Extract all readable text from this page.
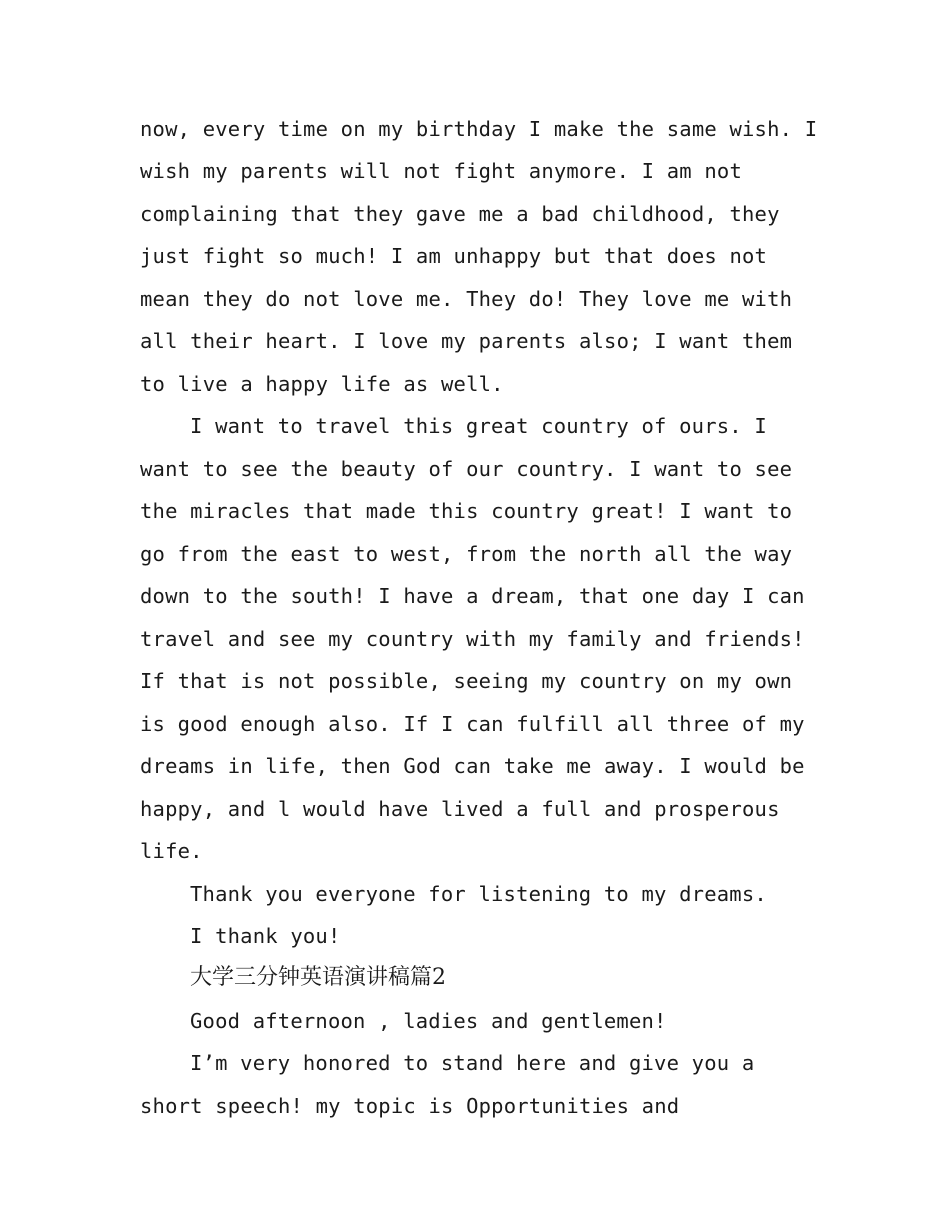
now, every time on my birthday I make the same wish. I
wish my parents will not fight anymore. I am not
complaining that they gave me a bad childhood, they
just fight so much! I am unhappy but that does not
mean they do not love me. They do! They love me with
all their heart. I love my parents also; I want them
to live a happy life as well.
I want to travel this great country of ours. I
want to see the beauty of our country. I want to see
the miracles that made this country great! I want to
go from the east to west, from the north all the way
down to the south! I have a dream, that one day I can
travel and see my country with my family and friends!
If that is not possible, seeing my country on my own
is good enough also. If I can fulfill all three of my
dreams in life, then God can take me away. I would be
happy, and l would have lived a full and prosperous
life.
Thank you everyone for listening to my dreams.
I thank you!
大学三分钟英语演讲稿篇2
Good afternoon , ladies and gentlemen!
I’m very honored to stand here and give you a
short speech! my topic is Opportunities and
